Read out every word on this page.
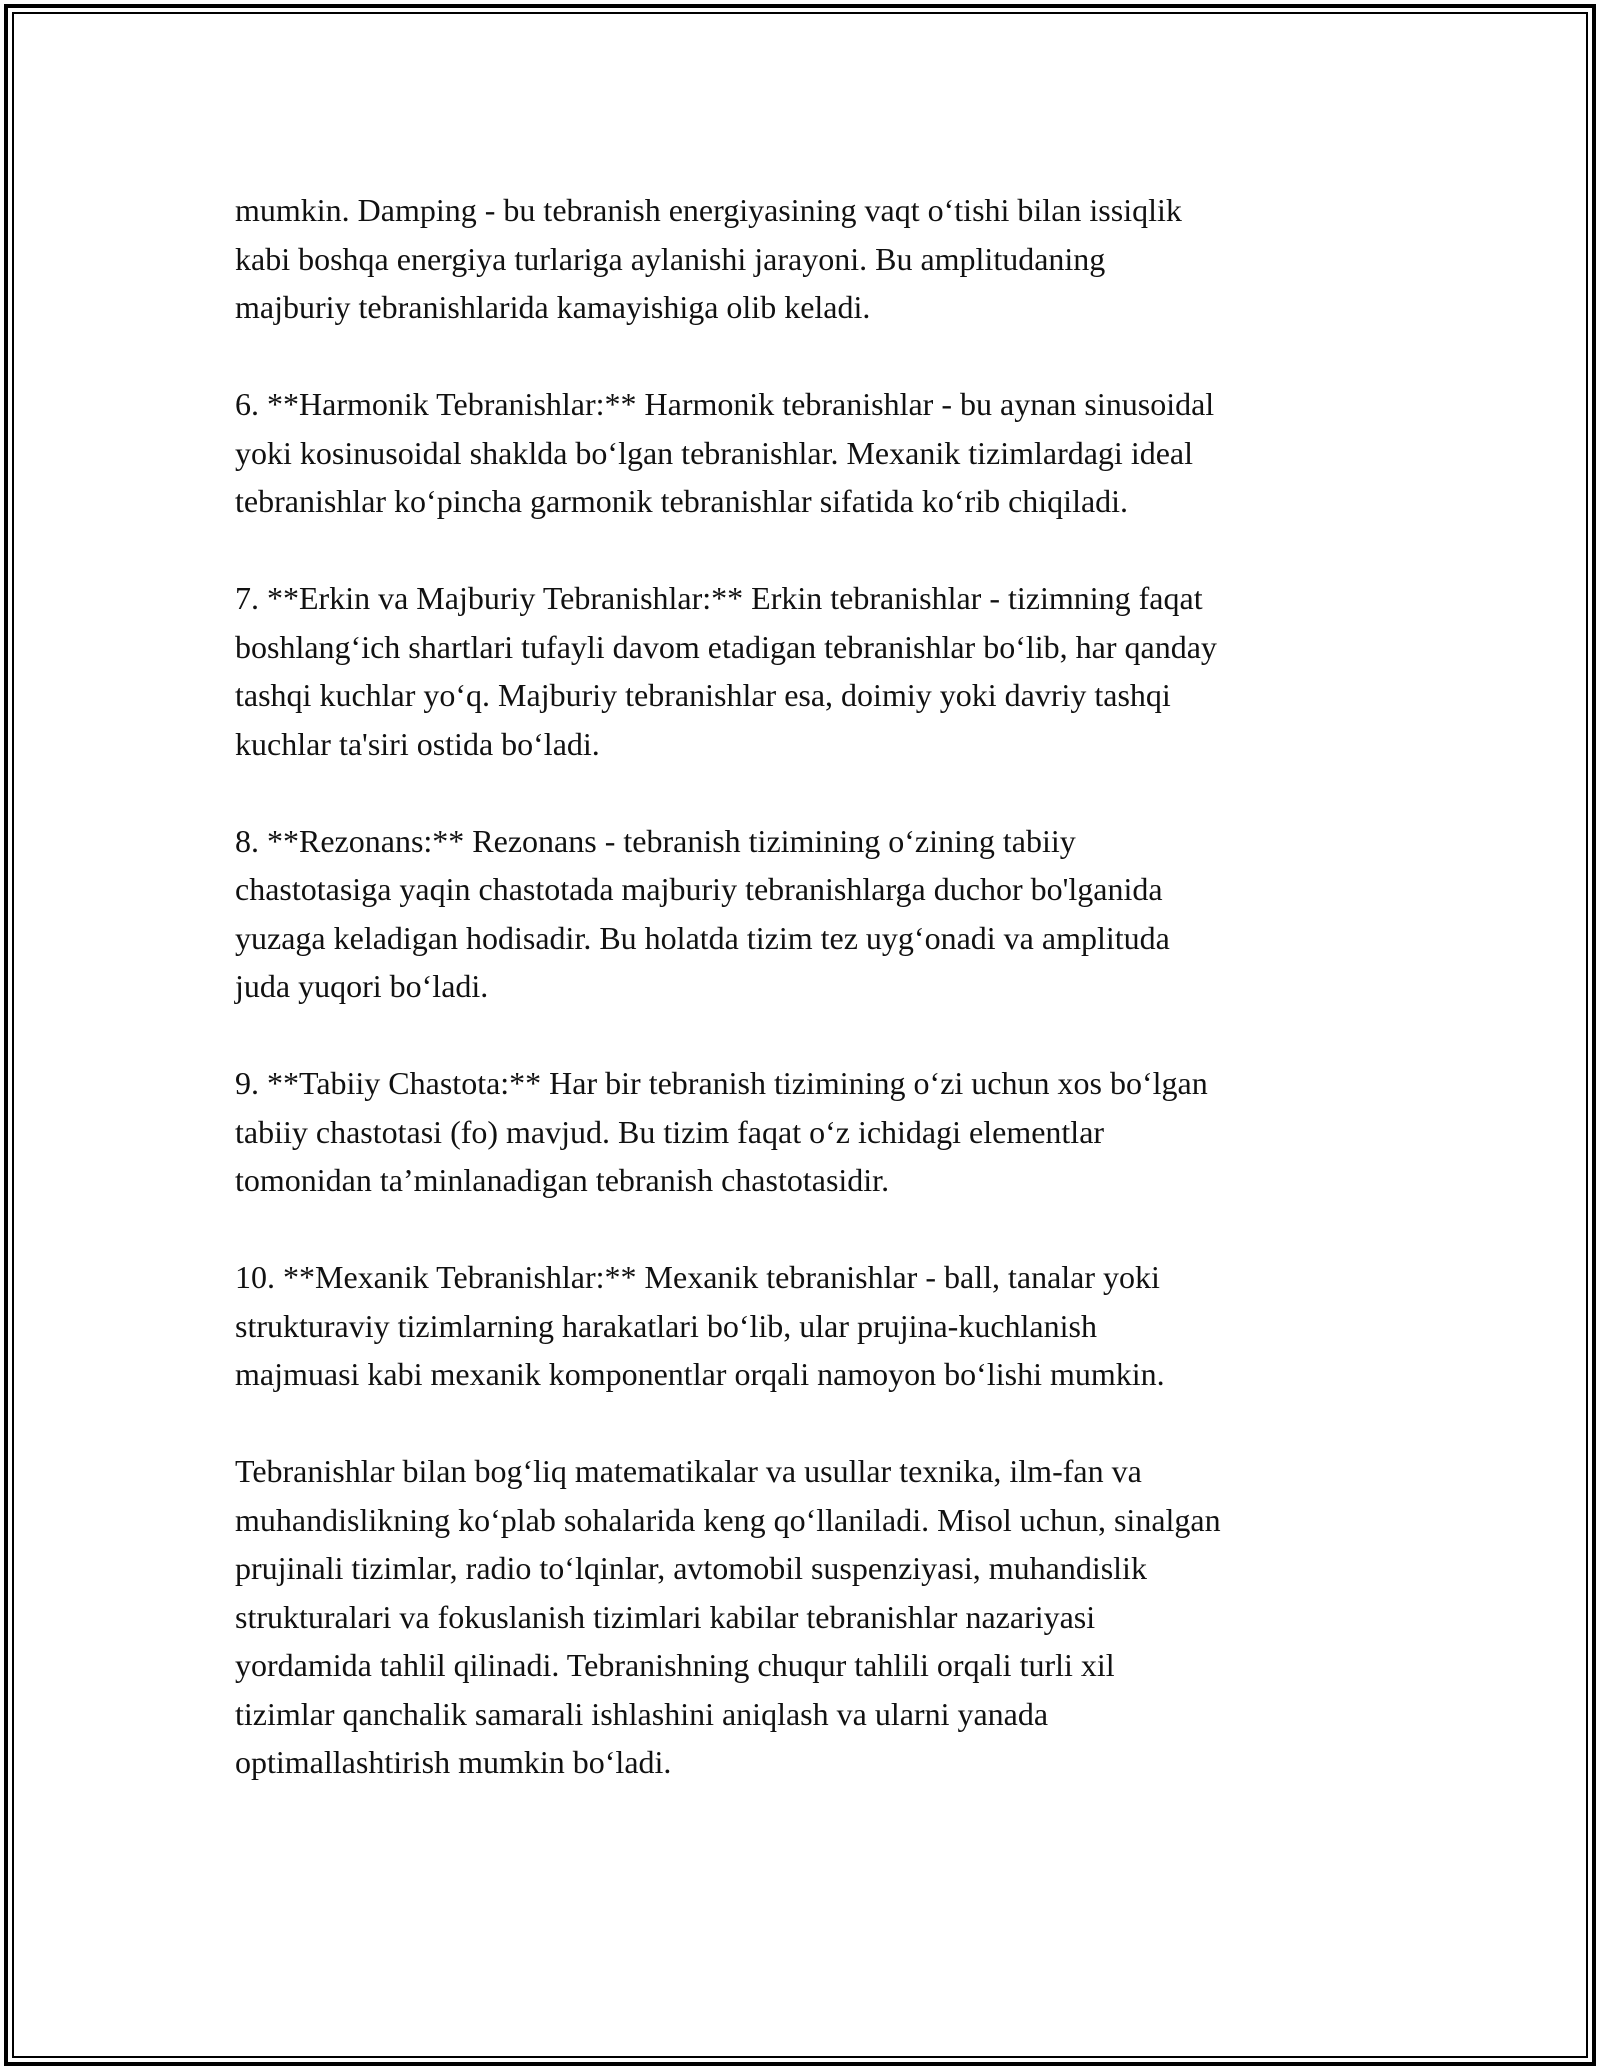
mumkin. Damping - bu tebranish energiyasining vaqt o‘tishi bilan issiqlik
kabi boshqa energiya turlariga aylanishi jarayoni. Bu amplitudaning
majburiy tebranishlarida kamayishiga olib keladi.

6. **Harmonik Tebranishlar:** Harmonik tebranishlar - bu aynan sinusoidal
yoki kosinusoidal shaklda bo‘lgan tebranishlar. Mexanik tizimlardagi ideal
tebranishlar ko‘pincha garmonik tebranishlar sifatida ko‘rib chiqiladi.

7. **Erkin va Majburiy Tebranishlar:** Erkin tebranishlar - tizimning faqat
boshlang‘ich shartlari tufayli davom etadigan tebranishlar bo‘lib, har qanday
tashqi kuchlar yo‘q. Majburiy tebranishlar esa, doimiy yoki davriy tashqi
kuchlar ta'siri ostida bo‘ladi.

8. **Rezonans:** Rezonans - tebranish tizimining o‘zining tabiiy
chastotasiga yaqin chastotada majburiy tebranishlarga duchor bo'lganida
yuzaga keladigan hodisadir. Bu holatda tizim tez uyg‘onadi va amplituda
juda yuqori bo‘ladi.

9. **Tabiiy Chastota:** Har bir tebranish tizimining o‘zi uchun xos bo‘lgan
tabiiy chastotasi (fo) mavjud. Bu tizim faqat o‘z ichidagi elementlar
tomonidan ta’minlanadigan tebranish chastotasidir.

10. **Mexanik Tebranishlar:** Mexanik tebranishlar - ball, tanalar yoki
strukturaviy tizimlarning harakatlari bo‘lib, ular prujina-kuchlanish
majmuasi kabi mexanik komponentlar orqali namoyon bo‘lishi mumkin.

Tebranishlar bilan bog‘liq matematikalar va usullar texnika, ilm-fan va
muhandislikning ko‘plab sohalarida keng qo‘llaniladi. Misol uchun, sinalgan
prujinali tizimlar, radio to‘lqinlar, avtomobil suspenziyasi, muhandislik
strukturalari va fokuslanish tizimlari kabilar tebranishlar nazariyasi
yordamida tahlil qilinadi. Tebranishning chuqur tahlili orqali turli xil
tizimlar qanchalik samarali ishlashini aniqlash va ularni yanada
optimallashtirish mumkin bo‘ladi.
